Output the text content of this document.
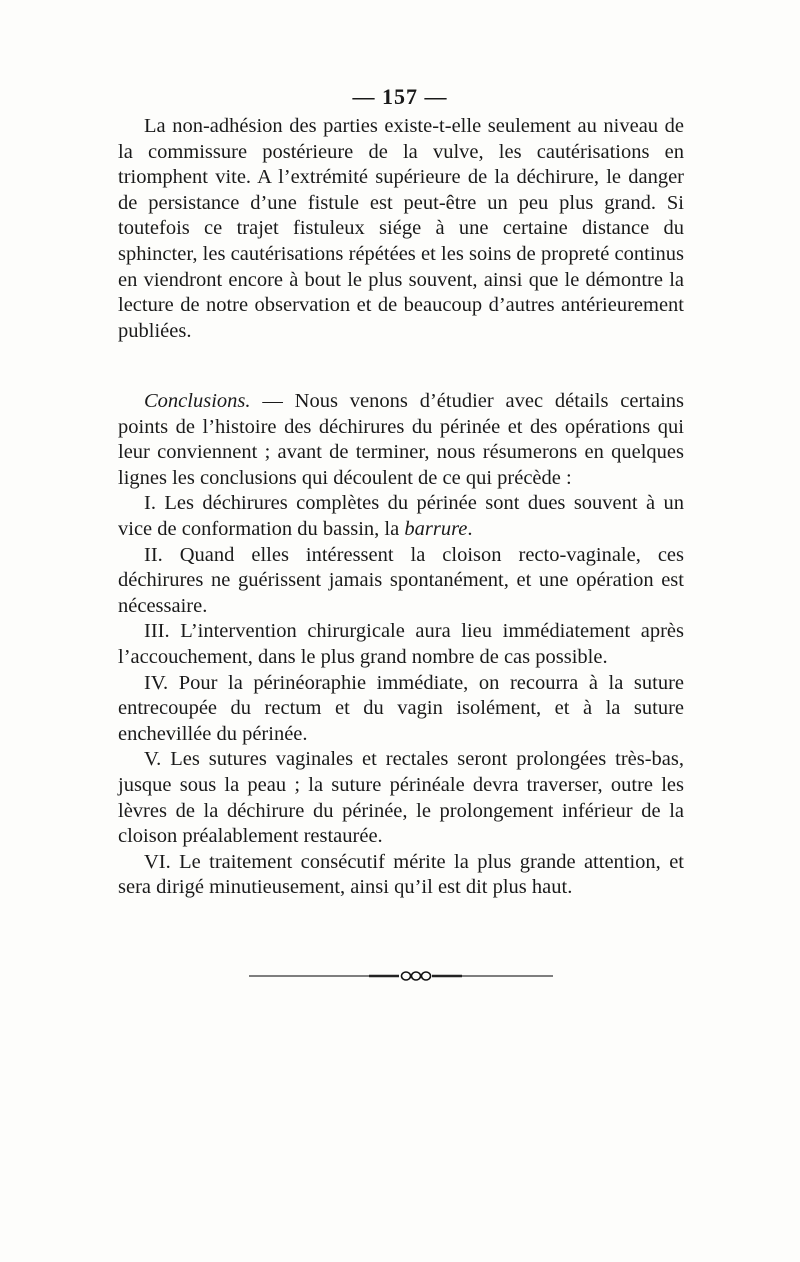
— 157 —

La non-adhésion des parties existe-t-elle seulement au niveau de la commissure postérieure de la vulve, les cautérisations en triomphent vite. A l’extrémité supérieure de la déchirure, le danger de persistance d’une fistule est peut-être un peu plus grand. Si toutefois ce trajet fistuleux siége à une certaine distance du sphincter, les cautérisations répétées et les soins de propreté continus en viendront encore à bout le plus souvent, ainsi que le démontre la lecture de notre observation et de beaucoup d’autres antérieurement publiées.

Conclusions. — Nous venons d’étudier avec détails certains points de l’histoire des déchirures du périnée et des opérations qui leur conviennent ; avant de terminer, nous résumerons en quelques lignes les conclusions qui découlent de ce qui précède :

I. Les déchirures complètes du périnée sont dues souvent à un vice de conformation du bassin, la barrure.

II. Quand elles intéressent la cloison recto-vaginale, ces déchirures ne guérissent jamais spontanément, et une opération est nécessaire.

III. L’intervention chirurgicale aura lieu immédiatement après l’accouchement, dans le plus grand nombre de cas possible.

IV. Pour la périnéoraphie immédiate, on recourra à la suture entrecoupée du rectum et du vagin isolément, et à la suture enchevillée du périnée.

V. Les sutures vaginales et rectales seront prolongées très-bas, jusque sous la peau ; la suture périnéale devra traverser, outre les lèvres de la déchirure du périnée, le prolongement inférieur de la cloison préalablement restaurée.

VI. Le traitement consécutif mérite la plus grande attention, et sera dirigé minutieusement, ainsi qu’il est dit plus haut.
